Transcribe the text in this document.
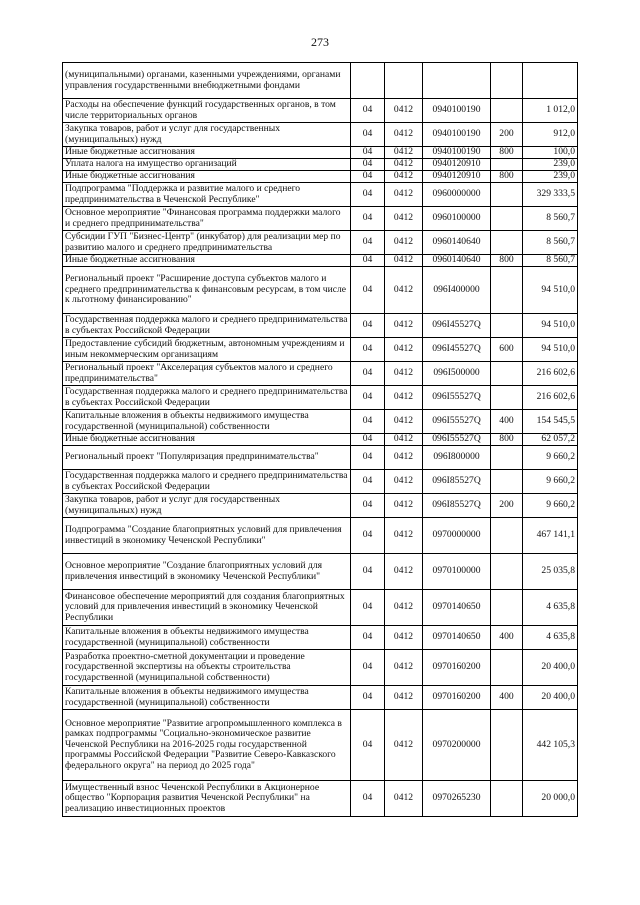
273
(муниципальными) органами, казенными учреждениями, органами управления государственными внебюджетными фондами					
Расходы на обеспечение функций государственных органов, в том числе территориальных органов	04	0412	0940100190		1 012,0
Закупка товаров, работ и услуг для государственных (муниципальных) нужд	04	0412	0940100190	200	912,0
Иные бюджетные ассигнования	04	0412	0940100190	800	100,0
Уплата налога на имущество организаций	04	0412	0940120910		239,0
Иные бюджетные ассигнования	04	0412	0940120910	800	239,0
Подпрограмма "Поддержка и развитие малого и среднего предпринимательства в Чеченской Республике"	04	0412	0960000000		329 333,5
Основное мероприятие "Финансовая программа поддержки малого и среднего предпринимательства"	04	0412	0960100000		8 560,7
Субсидии ГУП "Бизнес-Центр" (инкубатор) для реализации мер по развитию малого и среднего предпринимательства	04	0412	0960140640		8 560,7
Иные бюджетные ассигнования	04	0412	0960140640	800	8 560,7
Региональный проект "Расширение доступа субъектов малого и среднего предпринимательства к финансовым ресурсам, в том числе к льготному финансированию"	04	0412	096I400000		94 510,0
Государственная поддержка малого и среднего предпринимательства в субъектах Российской Федерации	04	0412	096I45527Q		94 510,0
Предоставление субсидий бюджетным, автономным учреждениям и иным некоммерческим организациям	04	0412	096I45527Q	600	94 510,0
Региональный проект "Акселерация субъектов малого и среднего предпринимательства"	04	0412	096I500000		216 602,6
Государственная поддержка малого и среднего предпринимательства в субъектах Российской Федерации	04	0412	096I55527Q		216 602,6
Капитальные вложения в объекты недвижимого имущества государственной (муниципальной) собственности	04	0412	096I55527Q	400	154 545,5
Иные бюджетные ассигнования	04	0412	096I55527Q	800	62 057,2
Региональный проект "Популяризация предпринимательства"	04	0412	096I800000		9 660,2
Государственная поддержка малого и среднего предпринимательства в субъектах Российской Федерации	04	0412	096I85527Q		9 660,2
Закупка товаров, работ и услуг для государственных (муниципальных) нужд	04	0412	096I85527Q	200	9 660,2
Подпрограмма "Создание благоприятных условий для привлечения инвестиций в экономику Чеченской Республики"	04	0412	0970000000		467 141,1
Основное мероприятие "Создание благоприятных условий для привлечения инвестиций в экономику Чеченской Республики"	04	0412	0970100000		25 035,8
Финансовое обеспечение мероприятий для создания благоприятных условий для привлечения инвестиций в экономику Чеченской Республики	04	0412	0970140650		4 635,8
Капитальные вложения в объекты недвижимого имущества государственной (муниципальной) собственности	04	0412	0970140650	400	4 635,8
Разработка проектно-сметной документации и проведение государственной экспертизы на объекты строительства государственной (муниципальной собственности)	04	0412	0970160200		20 400,0
Капитальные вложения в объекты недвижимого имущества государственной (муниципальной) собственности	04	0412	0970160200	400	20 400,0
Основное мероприятие "Развитие агропромышленного комплекса в рамках подпрограммы "Социально-экономическое развитие Чеченской Республики на 2016-2025 годы государственной программы Российской Федерации "Развитие Северо-Кавказского федерального округа" на период до 2025 года"	04	0412	0970200000		442 105,3
Имущественный взнос Чеченской Республики в Акционерное общество "Корпорация развития Чеченской Республики" на реализацию инвестиционных проектов	04	0412	0970265230		20 000,0
